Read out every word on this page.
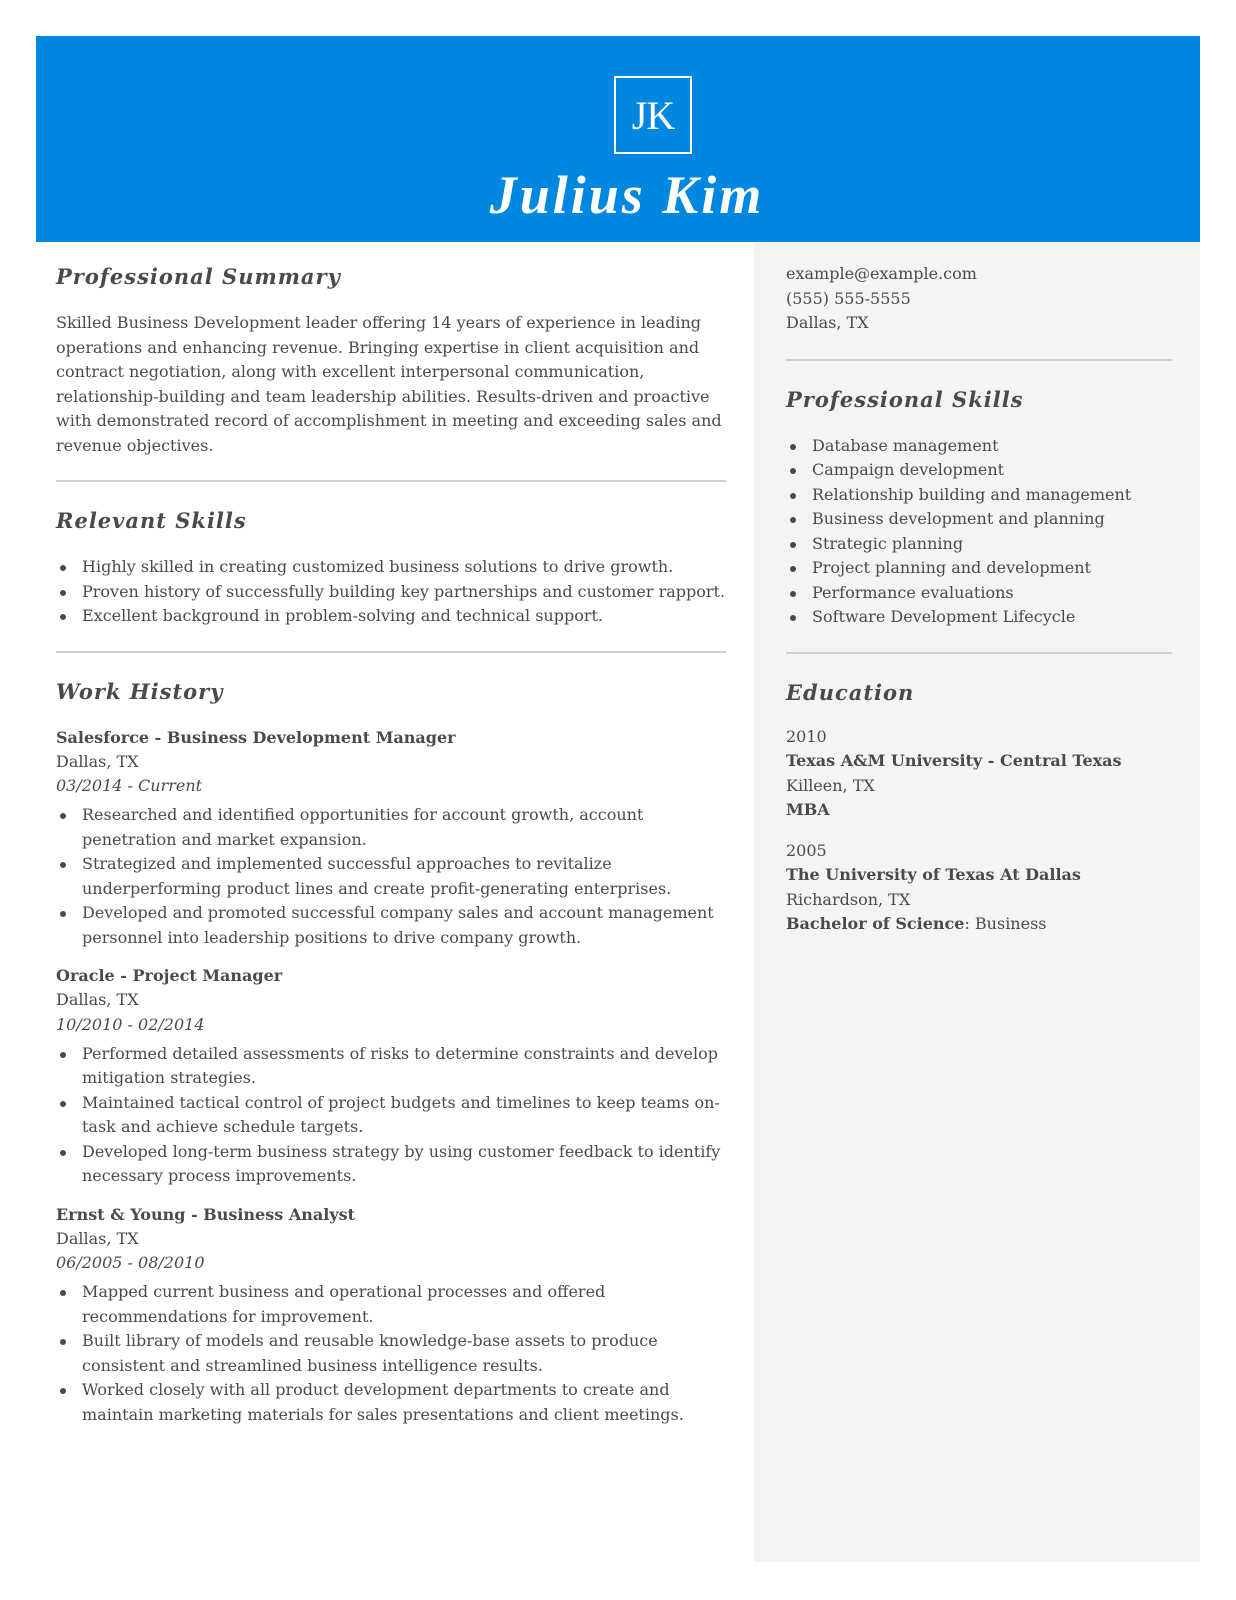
JK
Julius Kim
Professional Summary
Skilled Business Development leader offering 14 years of experience in leading operations and enhancing revenue. Bringing expertise in client acquisition and contract negotiation, along with excellent interpersonal communication, relationship-building and team leadership abilities. Results-driven and proactive with demonstrated record of accomplishment in meeting and exceeding sales and revenue objectives.
Relevant Skills
Highly skilled in creating customized business solutions to drive growth.
Proven history of successfully building key partnerships and customer rapport.
Excellent background in problem-solving and technical support.
Work History
Salesforce - Business Development Manager
Dallas, TX
03/2014 - Current
Researched and identified opportunities for account growth, account penetration and market expansion.
Strategized and implemented successful approaches to revitalize underperforming product lines and create profit-generating enterprises.
Developed and promoted successful company sales and account management personnel into leadership positions to drive company growth.
Oracle - Project Manager
Dallas, TX
10/2010 - 02/2014
Performed detailed assessments of risks to determine constraints and develop mitigation strategies.
Maintained tactical control of project budgets and timelines to keep teams on-task and achieve schedule targets.
Developed long-term business strategy by using customer feedback to identify necessary process improvements.
Ernst & Young - Business Analyst
Dallas, TX
06/2005 - 08/2010
Mapped current business and operational processes and offered recommendations for improvement.
Built library of models and reusable knowledge-base assets to produce consistent and streamlined business intelligence results.
Worked closely with all product development departments to create and maintain marketing materials for sales presentations and client meetings.
example@example.com
(555) 555-5555
Dallas, TX
Professional Skills
Database management
Campaign development
Relationship building and management
Business development and planning
Strategic planning
Project planning and development
Performance evaluations
Software Development Lifecycle
Education
2010
Texas A&M University - Central Texas
Killeen, TX
MBA
2005
The University of Texas At Dallas
Richardson, TX
Bachelor of Science: Business
